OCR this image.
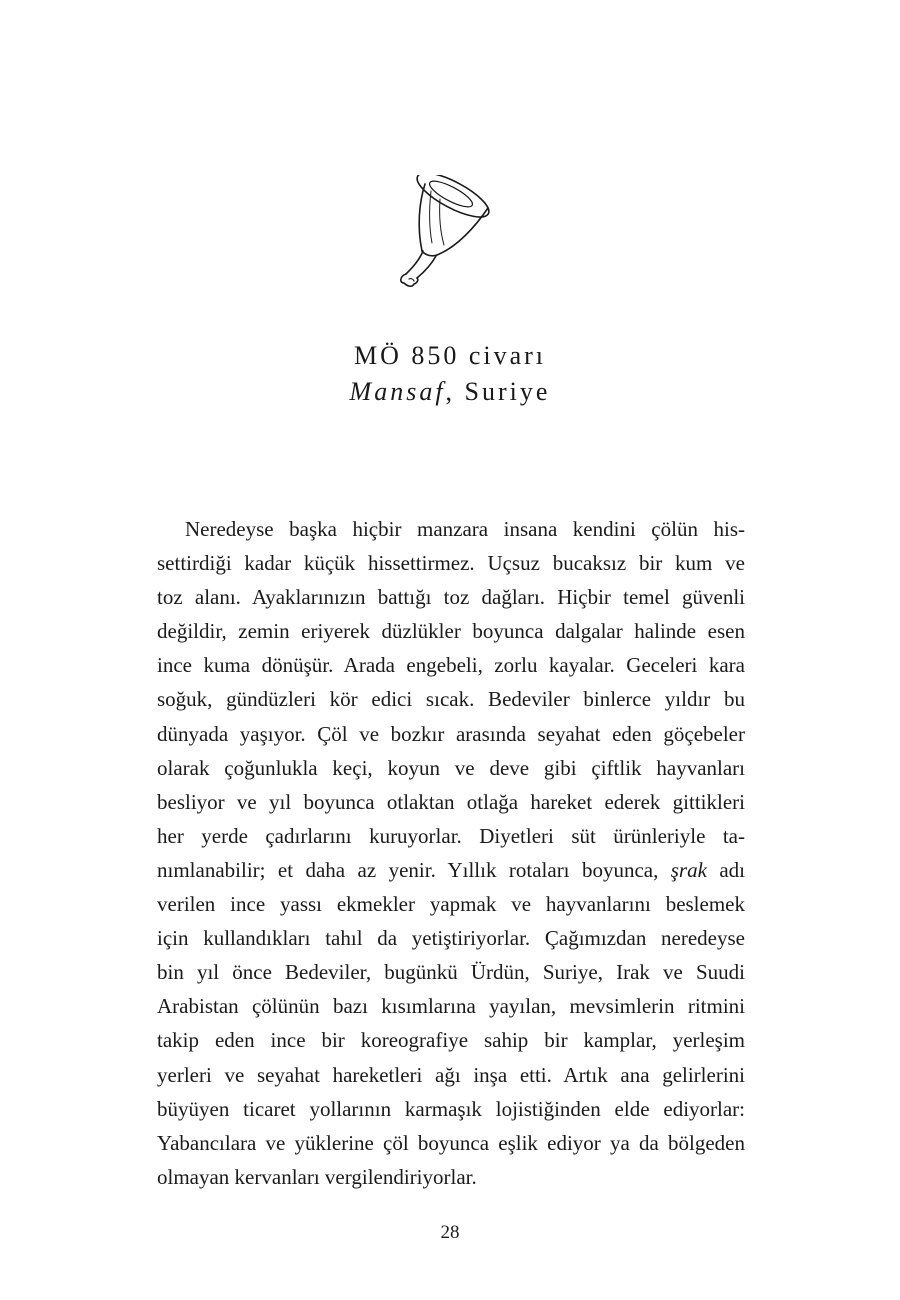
MÖ 850 civarı
Mansaf, Suriye
Neredeyse başka hiçbir manzara insana kendini çölün his-
settirdiği kadar küçük hissettirmez. Uçsuz bucaksız bir kum ve
toz alanı. Ayaklarınızın battığı toz dağları. Hiçbir temel güvenli
değildir, zemin eriyerek düzlükler boyunca dalgalar halinde esen
ince kuma dönüşür. Arada engebeli, zorlu kayalar. Geceleri kara
soğuk, gündüzleri kör edici sıcak. Bedeviler binlerce yıldır bu
dünyada yaşıyor. Çöl ve bozkır arasında seyahat eden göçebeler
olarak çoğunlukla keçi, koyun ve deve gibi çiftlik hayvanları
besliyor ve yıl boyunca otlaktan otlağa hareket ederek gittikleri
her yerde çadırlarını kuruyorlar. Diyetleri süt ürünleriyle ta-
nımlanabilir; et daha az yenir. Yıllık rotaları boyunca, şrak adı
verilen ince yassı ekmekler yapmak ve hayvanlarını beslemek
için kullandıkları tahıl da yetiştiriyorlar. Çağımızdan neredeyse
bin yıl önce Bedeviler, bugünkü Ürdün, Suriye, Irak ve Suudi
Arabistan çölünün bazı kısımlarına yayılan, mevsimlerin ritmini
takip eden ince bir koreografiye sahip bir kamplar, yerleşim
yerleri ve seyahat hareketleri ağı inşa etti. Artık ana gelirlerini
büyüyen ticaret yollarının karmaşık lojistiğinden elde ediyorlar:
Yabancılara ve yüklerine çöl boyunca eşlik ediyor ya da bölgeden
olmayan kervanları vergilendiriyorlar.
28
